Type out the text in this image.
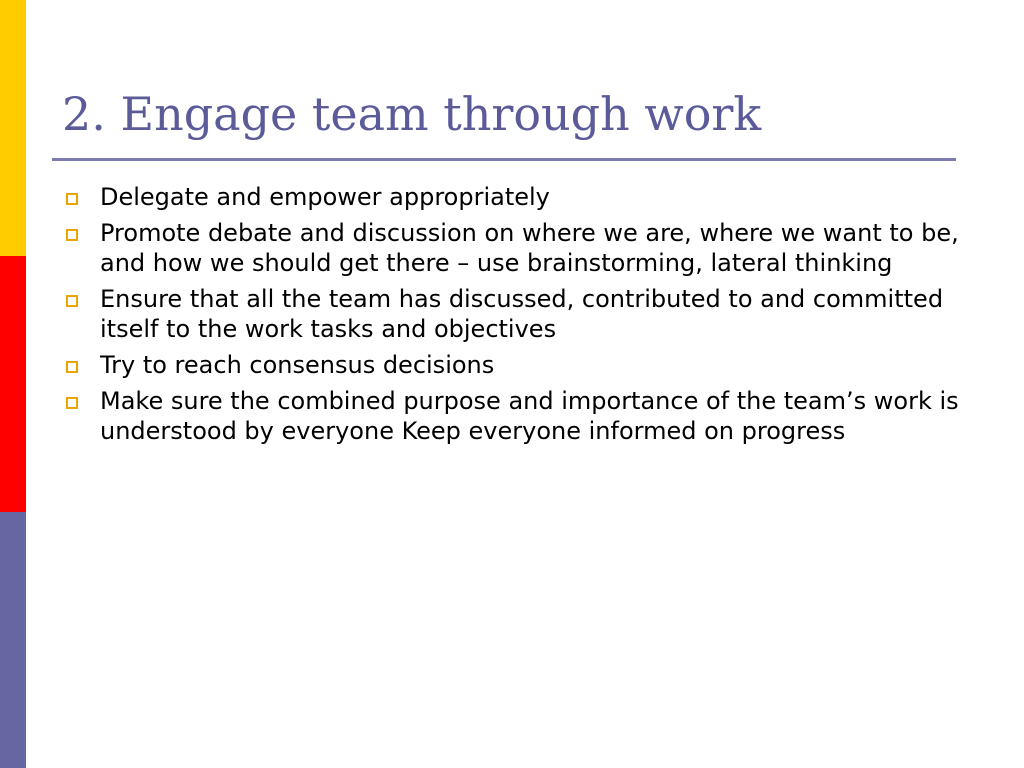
2. Engage team through work
Delegate and empower appropriately
Promote debate and discussion on where we are, where we want to be, and how we should get there – use brainstorming, lateral thinking
Ensure that all the team has discussed, contributed to and committed itself to the work tasks and objectives
Try to reach consensus decisions
Make sure the combined purpose and importance of the team’s work is understood by everyone Keep everyone informed on progress
